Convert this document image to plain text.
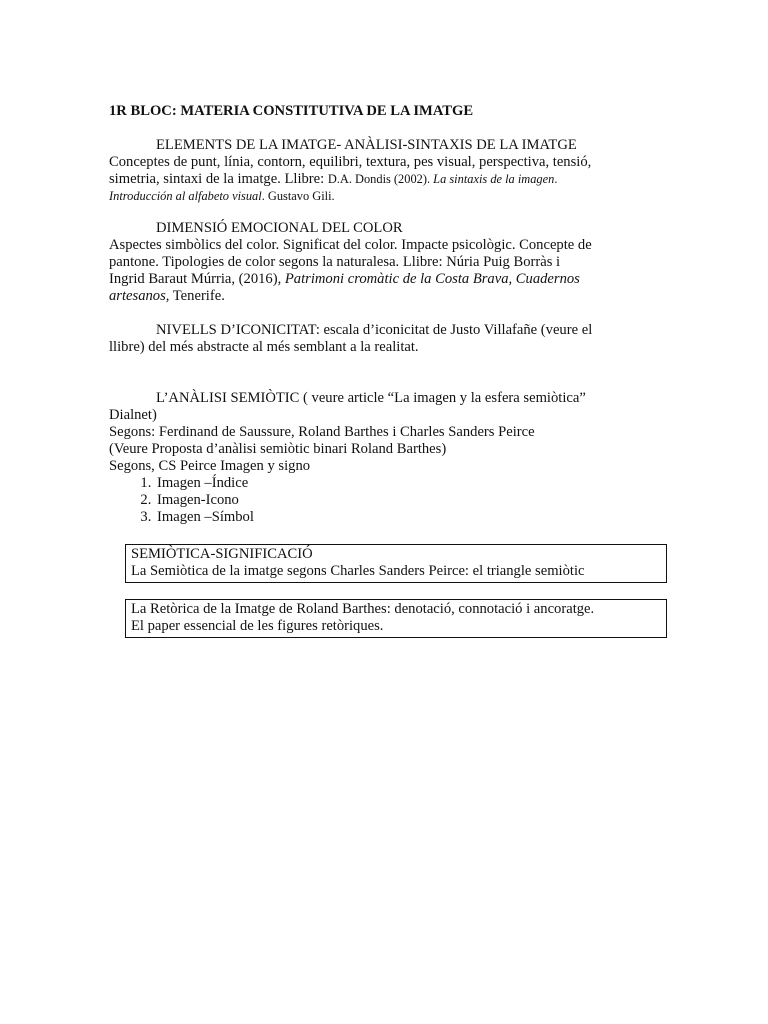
1R BLOC: MATERIA CONSTITUTIVA DE LA IMATGE
ELEMENTS DE LA IMATGE- ANÀLISI-SINTAXIS DE LA IMATGE
Conceptes de punt, línia, contorn, equilibri, textura, pes visual, perspectiva, tensió,
simetria, sintaxi de la imatge. Llibre: D.A. Dondis (2002). La sintaxis de la imagen.
Introducción al alfabeto visual. Gustavo Gili.
DIMENSIÓ EMOCIONAL DEL COLOR
Aspectes simbòlics del color. Significat del color. Impacte psicològic. Concepte de
pantone. Tipologies de color segons la naturalesa. Llibre: Núria Puig Borràs i
Ingrid Baraut Múrria, (2016), Patrimoni cromàtic de la Costa Brava, Cuadernos
artesanos, Tenerife.
NIVELLS D’ICONICITAT: escala d’iconicitat de Justo Villafañe (veure el
llibre) del més abstracte al més semblant a la realitat.
L’ANÀLISI SEMIÒTIC ( veure article “La imagen y la esfera semiòtica”
Dialnet)
Segons: Ferdinand de Saussure, Roland Barthes i Charles Sanders Peirce
(Veure Proposta d’anàlisi semiòtic binari Roland Barthes)
Segons, CS Peirce Imagen y signo
1. Imagen –Índice
2. Imagen-Icono
3. Imagen –Símbol
SEMIÒTICA-SIGNIFICACIÓ
La Semiòtica de la imatge segons Charles Sanders Peirce: el triangle semiòtic
La Retòrica de la Imatge de Roland Barthes: denotació, connotació i ancoratge.
El paper essencial de les figures retòriques.
